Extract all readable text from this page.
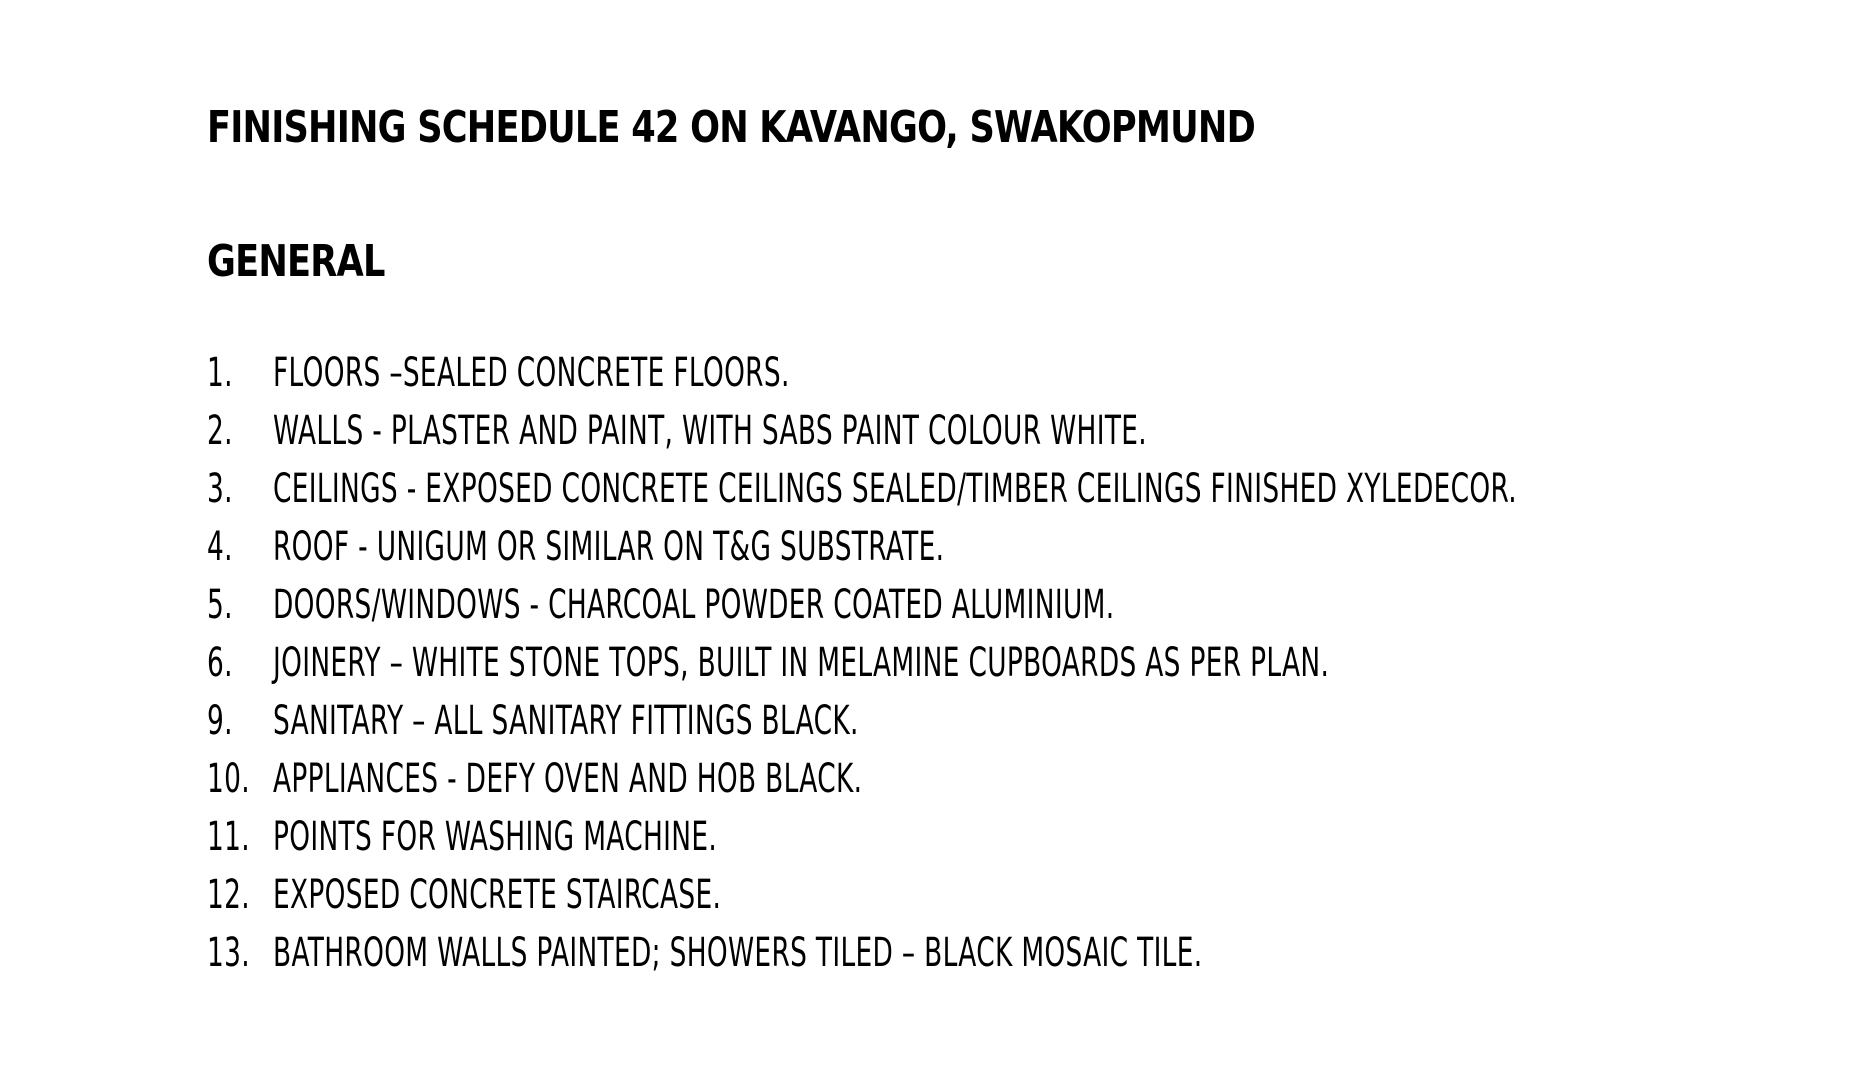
FINISHING SCHEDULE 42 ON KAVANGO, SWAKOPMUND
GENERAL
1. FLOORS –SEALED CONCRETE FLOORS.
2. WALLS - PLASTER AND PAINT, WITH SABS PAINT COLOUR WHITE.
3. CEILINGS - EXPOSED CONCRETE CEILINGS SEALED/TIMBER CEILINGS FINISHED XYLEDECOR.
4. ROOF - UNIGUM OR SIMILAR ON T&G SUBSTRATE.
5. DOORS/WINDOWS - CHARCOAL POWDER COATED ALUMINIUM.
6. JOINERY – WHITE STONE TOPS, BUILT IN MELAMINE CUPBOARDS AS PER PLAN.
9. SANITARY – ALL SANITARY FITTINGS BLACK.
10. APPLIANCES - DEFY OVEN AND HOB BLACK.
11. POINTS FOR WASHING MACHINE.
12. EXPOSED CONCRETE STAIRCASE.
13. BATHROOM WALLS PAINTED; SHOWERS TILED – BLACK MOSAIC TILE.
